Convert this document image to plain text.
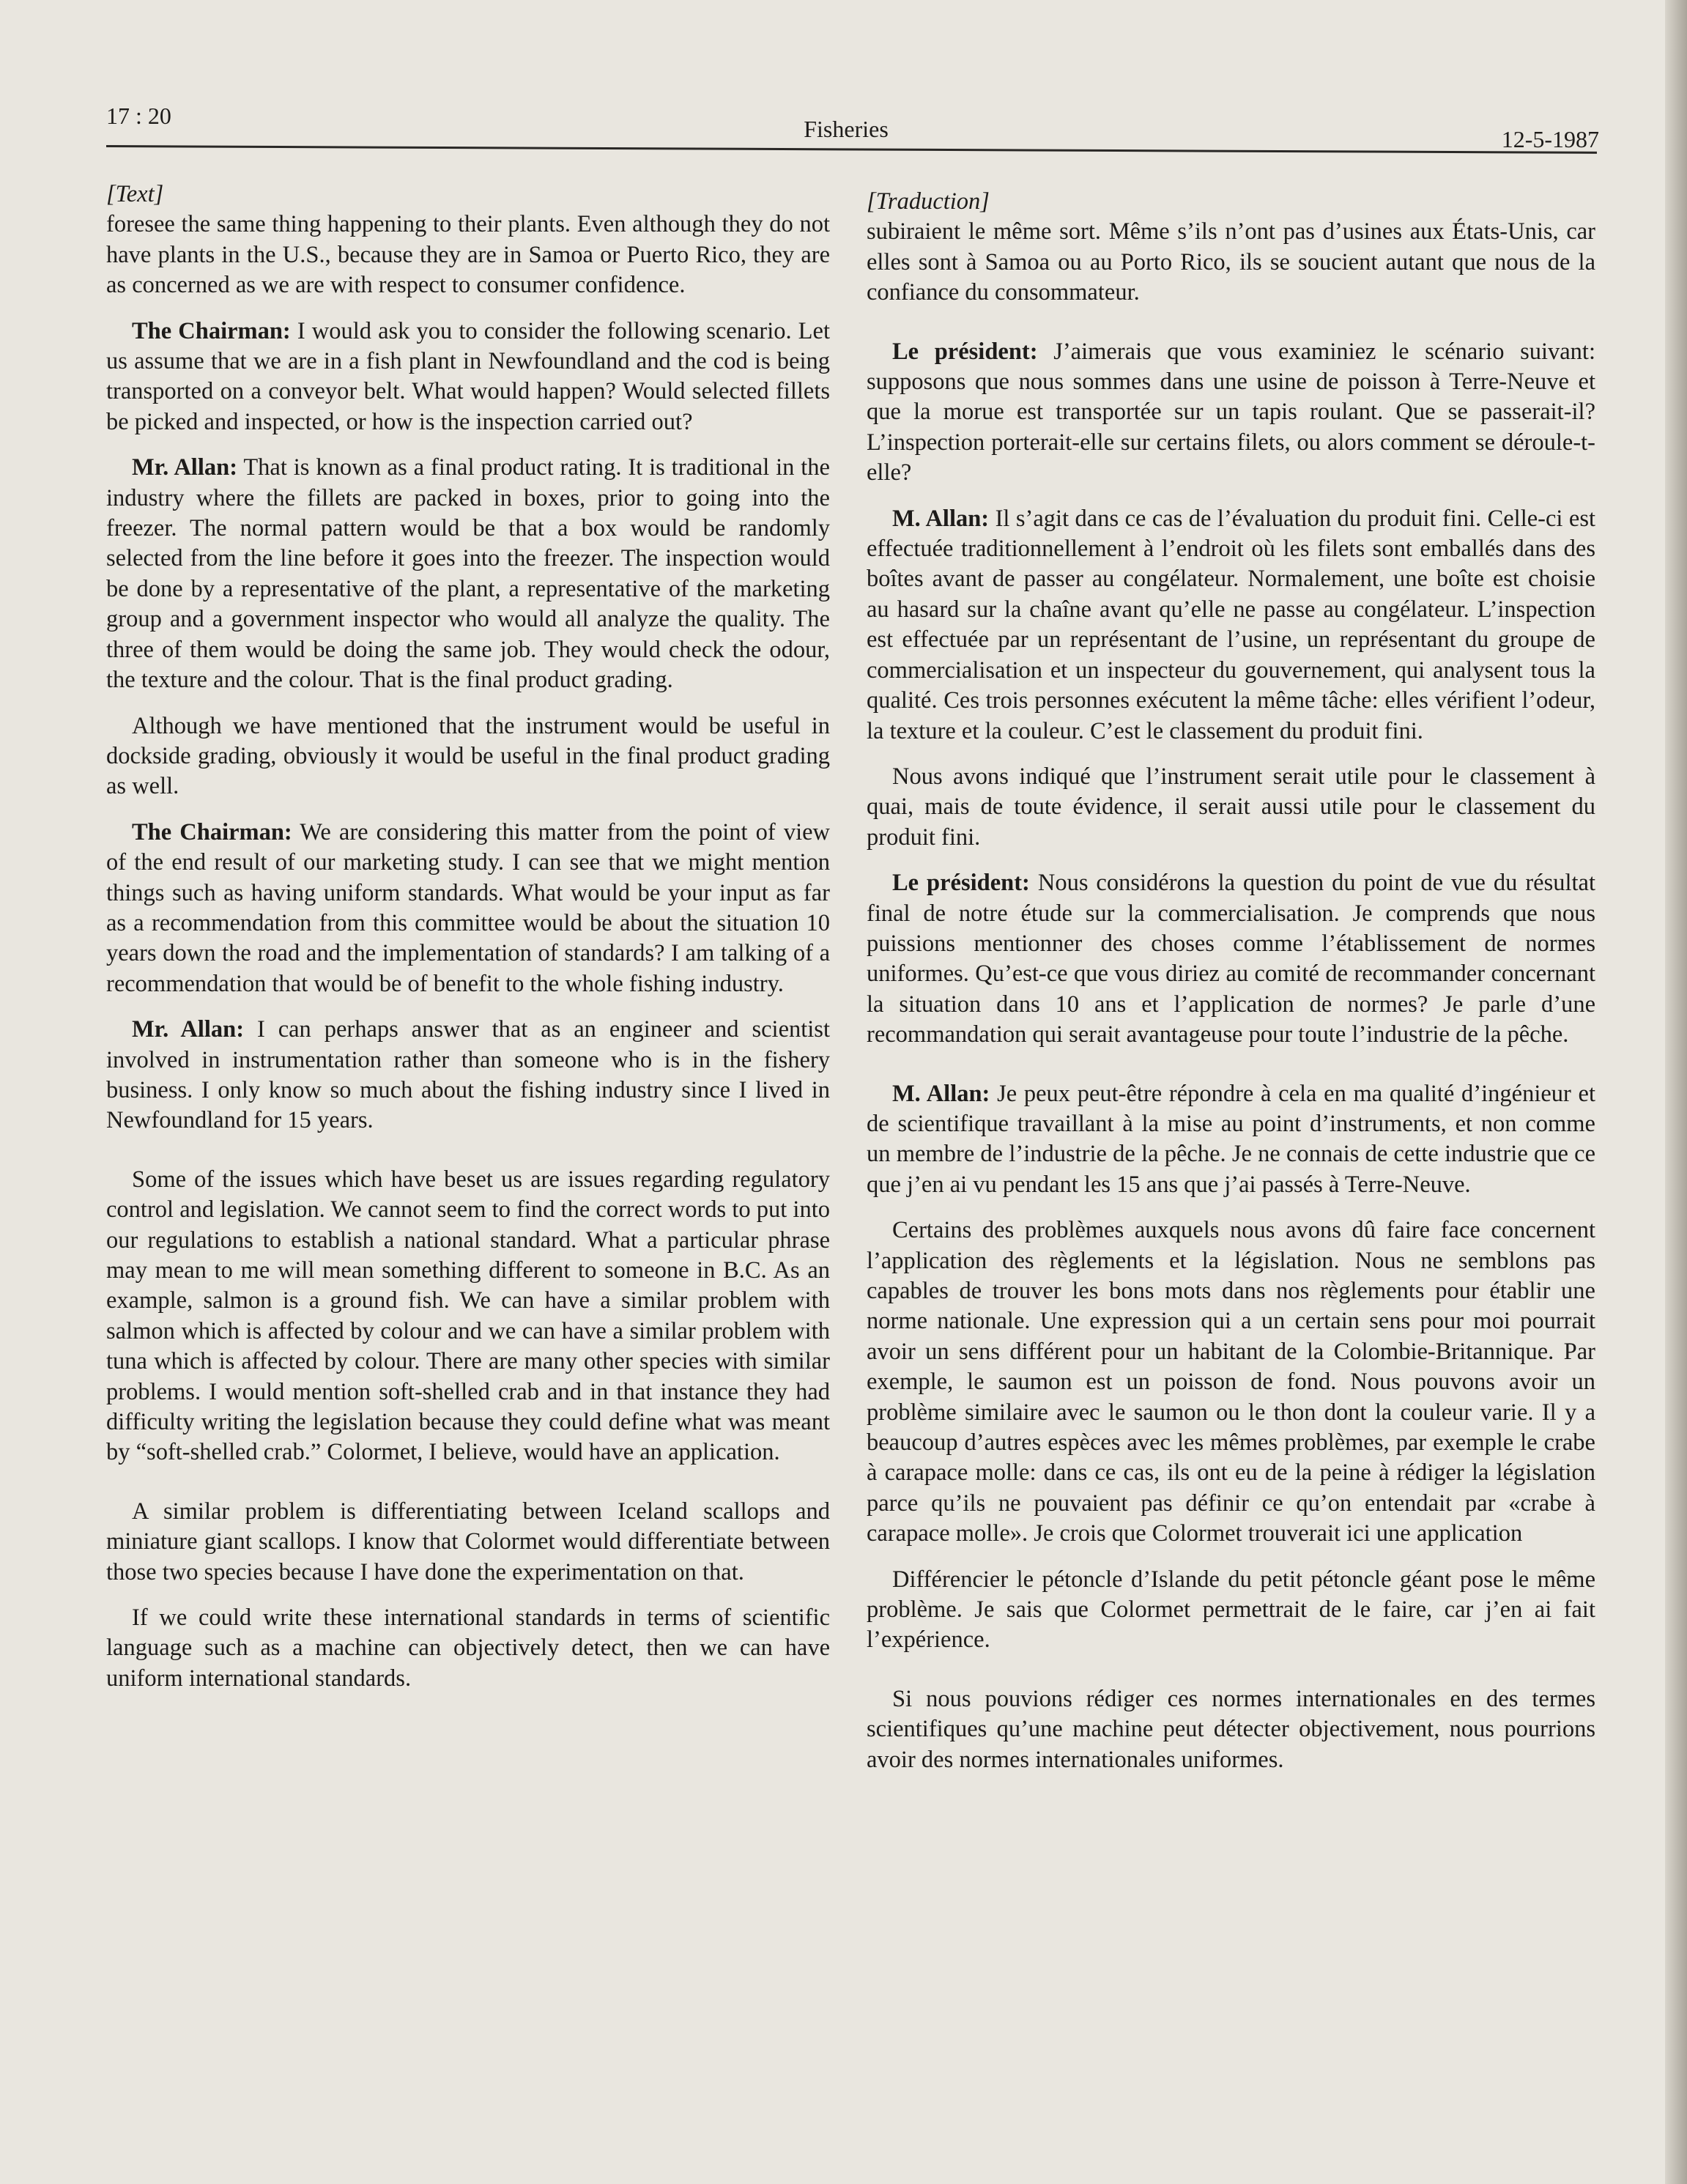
17 : 20	Fisheries	12-5-1987

[Text]

foresee the same thing happening to their plants. Even although they do not have plants in the U.S., because they are in Samoa or Puerto Rico, they are as concerned as we are with respect to consumer confidence.

The Chairman: I would ask you to consider the following scenario. Let us assume that we are in a fish plant in Newfoundland and the cod is being transported on a conveyor belt. What would happen? Would selected fillets be picked and inspected, or how is the inspection carried out?

Mr. Allan: That is known as a final product rating. It is traditional in the industry where the fillets are packed in boxes, prior to going into the freezer. The normal pattern would be that a box would be randomly selected from the line before it goes into the freezer. The inspection would be done by a representative of the plant, a representative of the marketing group and a government inspector who would all analyze the quality. The three of them would be doing the same job. They would check the odour, the texture and the colour. That is the final product grading.

Although we have mentioned that the instrument would be useful in dockside grading, obviously it would be useful in the final product grading as well.

The Chairman: We are considering this matter from the point of view of the end result of our marketing study. I can see that we might mention things such as having uniform standards. What would be your input as far as a recommendation from this committee would be about the situation 10 years down the road and the implementation of standards? I am talking of a recommendation that would be of benefit to the whole fishing industry.

Mr. Allan: I can perhaps answer that as an engineer and scientist involved in instrumentation rather than someone who is in the fishery business. I only know so much about the fishing industry since I lived in Newfoundland for 15 years.

Some of the issues which have beset us are issues regarding regulatory control and legislation. We cannot seem to find the correct words to put into our regulations to establish a national standard. What a particular phrase may mean to me will mean something different to someone in B.C. As an example, salmon is a ground fish. We can have a similar problem with salmon which is affected by colour and we can have a similar problem with tuna which is affected by colour. There are many other species with similar problems. I would mention soft-shelled crab and in that instance they had difficulty writing the legislation because they could define what was meant by “soft-shelled crab.” Colormet, I believe, would have an application.

A similar problem is differentiating between Iceland scallops and miniature giant scallops. I know that Colormet would differentiate between those two species because I have done the experimentation on that.

If we could write these international standards in terms of scientific language such as a machine can objectively detect, then we can have uniform international standards.

[Traduction]

subiraient le même sort. Même s’ils n’ont pas d’usines aux États-Unis, car elles sont à Samoa ou au Porto Rico, ils se soucient autant que nous de la confiance du consommateur.

Le président: J’aimerais que vous examiniez le scénario suivant: supposons que nous sommes dans une usine de poisson à Terre-Neuve et que la morue est transportée sur un tapis roulant. Que se passerait-il? L’inspection porterait-elle sur certains filets, ou alors comment se déroule-t-elle?

M. Allan: Il s’agit dans ce cas de l’évaluation du produit fini. Celle-ci est effectuée traditionnellement à l’endroit où les filets sont emballés dans des boîtes avant de passer au congélateur. Normalement, une boîte est choisie au hasard sur la chaîne avant qu’elle ne passe au congélateur. L’inspection est effectuée par un représentant de l’usine, un représentant du groupe de commercialisation et un inspecteur du gouvernement, qui analysent tous la qualité. Ces trois personnes exécutent la même tâche: elles vérifient l’odeur, la texture et la couleur. C’est le classement du produit fini.

Nous avons indiqué que l’instrument serait utile pour le classement à quai, mais de toute évidence, il serait aussi utile pour le classement du produit fini.

Le président: Nous considérons la question du point de vue du résultat final de notre étude sur la commercialisation. Je comprends que nous puissions mentionner des choses comme l’établissement de normes uniformes. Qu’est-ce que vous diriez au comité de recommander concernant la situation dans 10 ans et l’application de normes? Je parle d’une recommandation qui serait avantageuse pour toute l’industrie de la pêche.

M. Allan: Je peux peut-être répondre à cela en ma qualité d’ingénieur et de scientifique travaillant à la mise au point d’instruments, et non comme un membre de l’industrie de la pêche. Je ne connais de cette industrie que ce que j’en ai vu pendant les 15 ans que j’ai passés à Terre-Neuve.

Certains des problèmes auxquels nous avons dû faire face concernent l’application des règlements et la législation. Nous ne semblons pas capables de trouver les bons mots dans nos règlements pour établir une norme nationale. Une expression qui a un certain sens pour moi pourrait avoir un sens différent pour un habitant de la Colombie-Britannique. Par exemple, le saumon est un poisson de fond. Nous pouvons avoir un problème similaire avec le saumon ou le thon dont la couleur varie. Il y a beaucoup d’autres espèces avec les mêmes problèmes, par exemple le crabe à carapace molle: dans ce cas, ils ont eu de la peine à rédiger la législation parce qu’ils ne pouvaient pas définir ce qu’on entendait par «crabe à carapace molle». Je crois que Colormet trouverait ici une application

Différencier le pétoncle d’Islande du petit pétoncle géant pose le même problème. Je sais que Colormet permettrait de le faire, car j’en ai fait l’expérience.

Si nous pouvions rédiger ces normes internationales en des termes scientifiques qu’une machine peut détecter objectivement, nous pourrions avoir des normes internationales uniformes.
